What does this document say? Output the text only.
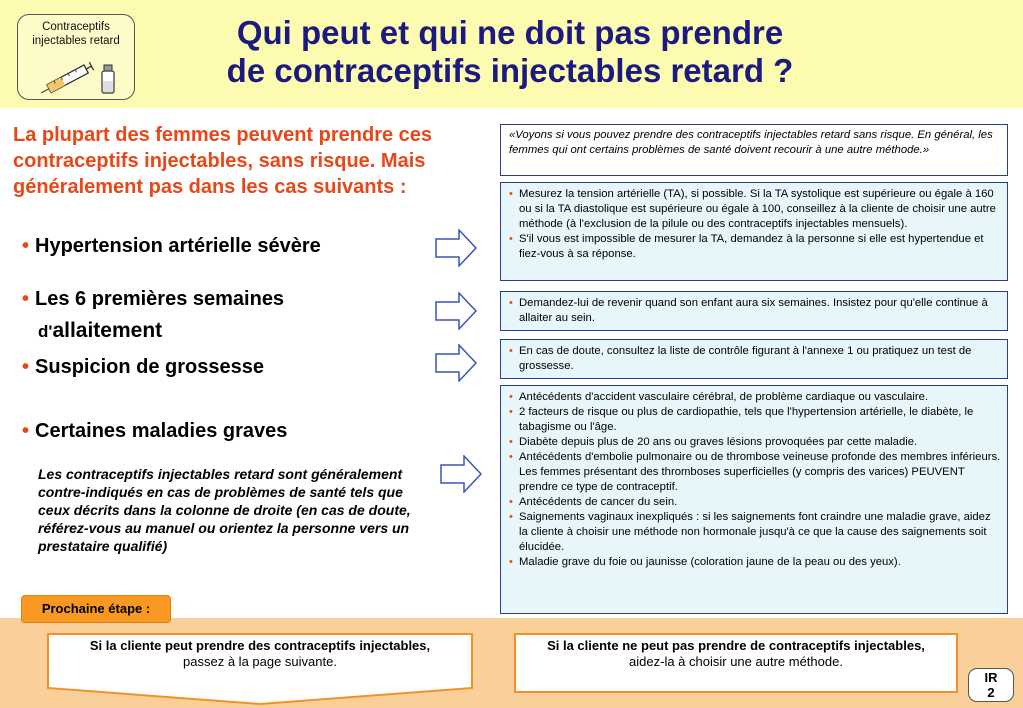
Contraceptifs
injectables retard	Qui peut et qui ne doit pas prendre
de contraceptifs injectables retard ?
La plupart des femmes peuvent prendre ces contraceptifs injectables, sans risque. Mais généralement pas dans les cas suivants :
• Hypertension artérielle sévère
• Les 6 premières semaines
d'allaitement
• Suspicion de grossesse
• Certaines maladies graves
Les contraceptifs injectables retard sont généralement contre-indiqués en cas de problèmes de santé tels que ceux décrits dans la colonne de droite (en cas de doute, référez-vous au manuel ou orientez la personne vers un prestataire qualifié)
«Voyons si vous pouvez prendre des contraceptifs injectables retard sans risque. En général, les femmes qui ont certains problèmes de santé doivent recourir à une autre méthode.»
• Mesurez la tension artérielle (TA), si possible. Si la TA systolique est supérieure ou égale à 160 ou si la TA diastolique est supérieure ou égale à 100, conseillez à la cliente de choisir une autre méthode (à l'exclusion de la pilule ou des contraceptifs injectables mensuels).
• S'il vous est impossible de mesurer la TA, demandez à la personne si elle est hypertendue et fiez-vous à sa réponse.
• Demandez-lui de revenir quand son enfant aura six semaines. Insistez pour qu'elle continue à allaiter au sein.
• En cas de doute, consultez la liste de contrôle figurant à l'annexe 1 ou pratiquez un test de grossesse.
• Antécédents d'accident vasculaire cérébral, de problème cardiaque ou vasculaire.
• 2 facteurs de risque ou plus de cardiopathie, tels que l'hypertension artérielle, le diabète, le tabagisme ou l'âge.
• Diabète depuis plus de 20 ans ou graves lésions provoquées par cette maladie.
• Antécédents d'embolie pulmonaire ou de thrombose veineuse profonde des membres inférieurs. Les femmes présentant des thromboses superficielles (y compris des varices) PEUVENT prendre ce type de contraceptif.
• Antécédents de cancer du sein.
• Saignements vaginaux inexpliqués : si les saignements font craindre une maladie grave, aidez la cliente à choisir une méthode non hormonale jusqu'à ce que la cause des saignements soit élucidée.
• Maladie grave du foie ou jaunisse (coloration jaune de la peau ou des yeux).
Prochaine étape :
Si la cliente peut prendre des contraceptifs injectables,
passez à la page suivante.
Si la cliente ne peut pas prendre de contraceptifs injectables,
aidez-la à choisir une autre méthode.
IR
2
